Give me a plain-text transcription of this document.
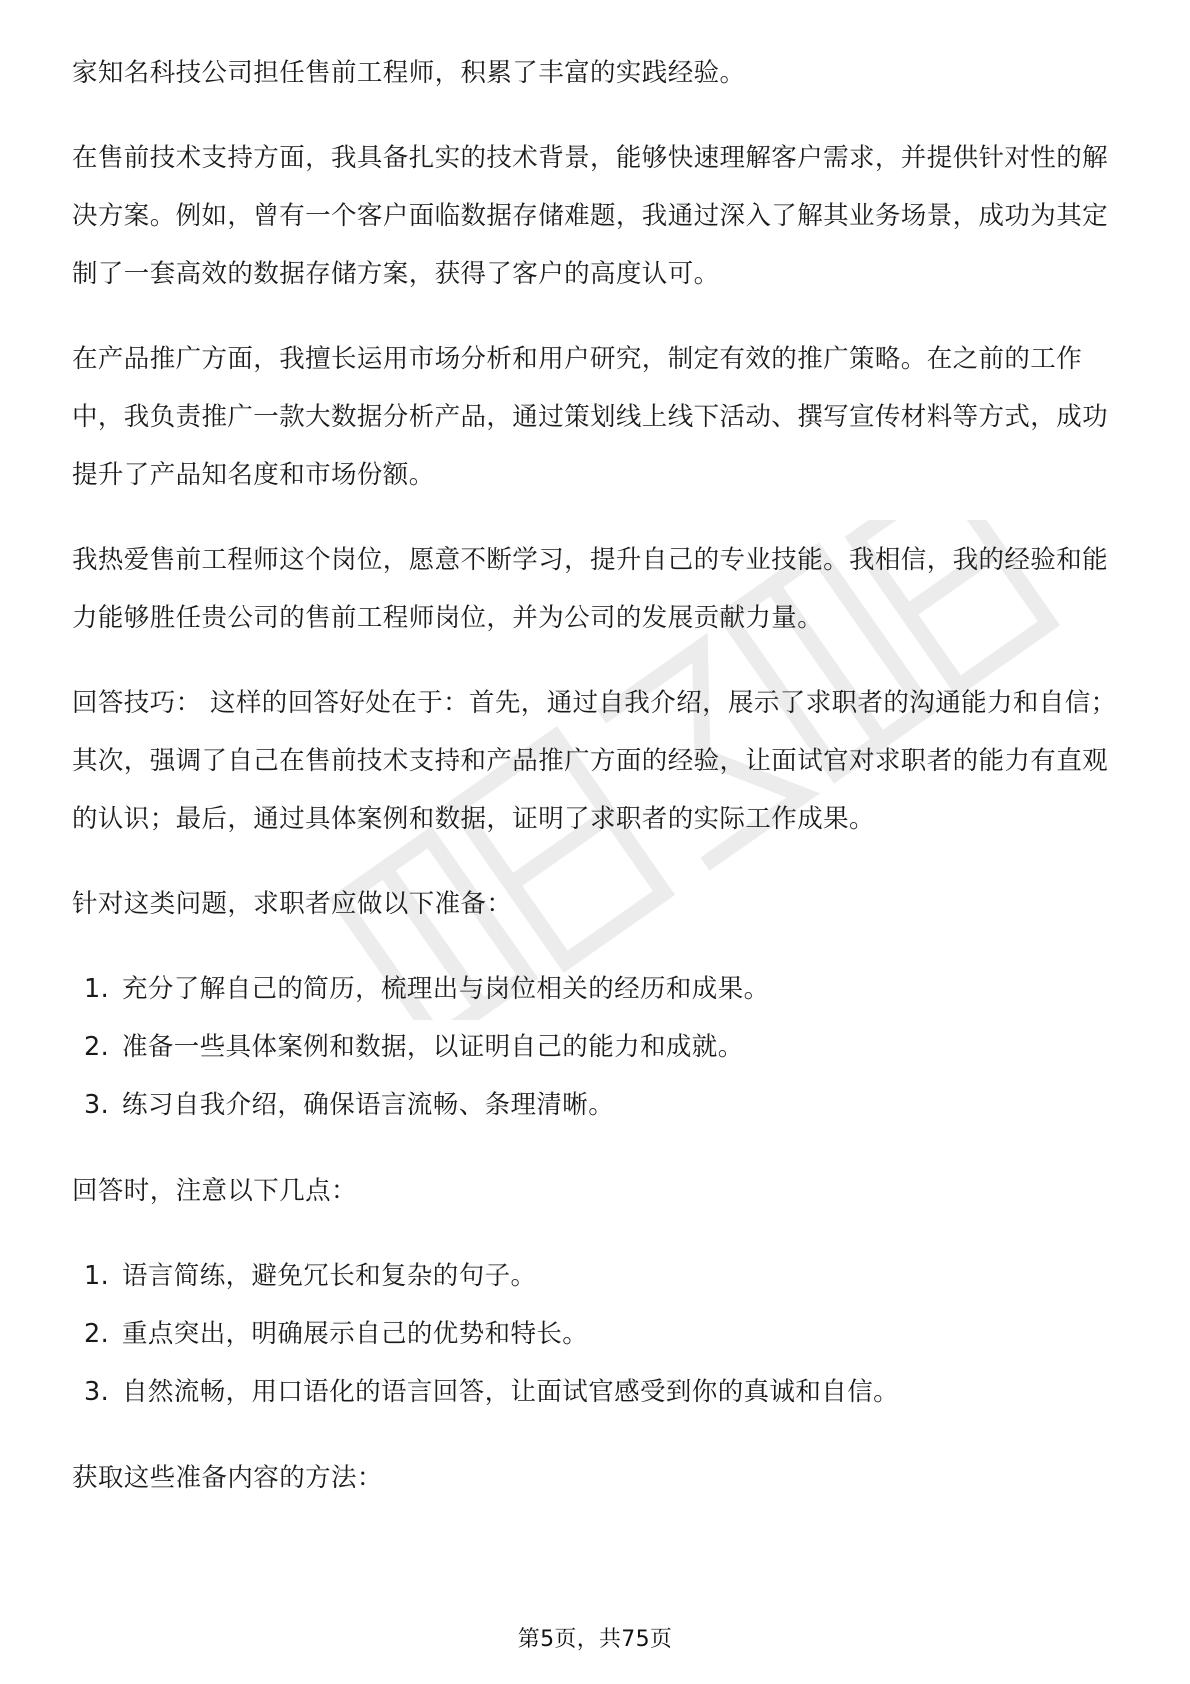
家知名科技公司担任售前工程师，积累了丰富的实践经验。

在售前技术支持方面，我具备扎实的技术背景，能够快速理解客户需求，并提供针对性的解决方案。例如，曾有一个客户面临数据存储难题，我通过深入了解其业务场景，成功为其定制了一套高效的数据存储方案，获得了客户的高度认可。

在产品推广方面，我擅长运用市场分析和用户研究，制定有效的推广策略。在之前的工作中，我负责推广一款大数据分析产品，通过策划线上线下活动、撰写宣传材料等方式，成功提升了产品知名度和市场份额。

我热爱售前工程师这个岗位，愿意不断学习，提升自己的专业技能。我相信，我的经验和能力能够胜任贵公司的售前工程师岗位，并为公司的发展贡献力量。

回答技巧： 这样的回答好处在于：首先，通过自我介绍，展示了求职者的沟通能力和自信；其次，强调了自己在售前技术支持和产品推广方面的经验，让面试官对求职者的能力有直观的认识；最后，通过具体案例和数据，证明了求职者的实际工作成果。

针对这类问题，求职者应做以下准备：

1. 充分了解自己的简历，梳理出与岗位相关的经历和成果。
2. 准备一些具体案例和数据，以证明自己的能力和成就。
3. 练习自我介绍，确保语言流畅、条理清晰。

回答时，注意以下几点：

1. 语言简练，避免冗长和复杂的句子。
2. 重点突出，明确展示自己的优势和特长。
3. 自然流畅，用口语化的语言回答，让面试官感受到你的真诚和自信。

获取这些准备内容的方法：

第5页，共75页
